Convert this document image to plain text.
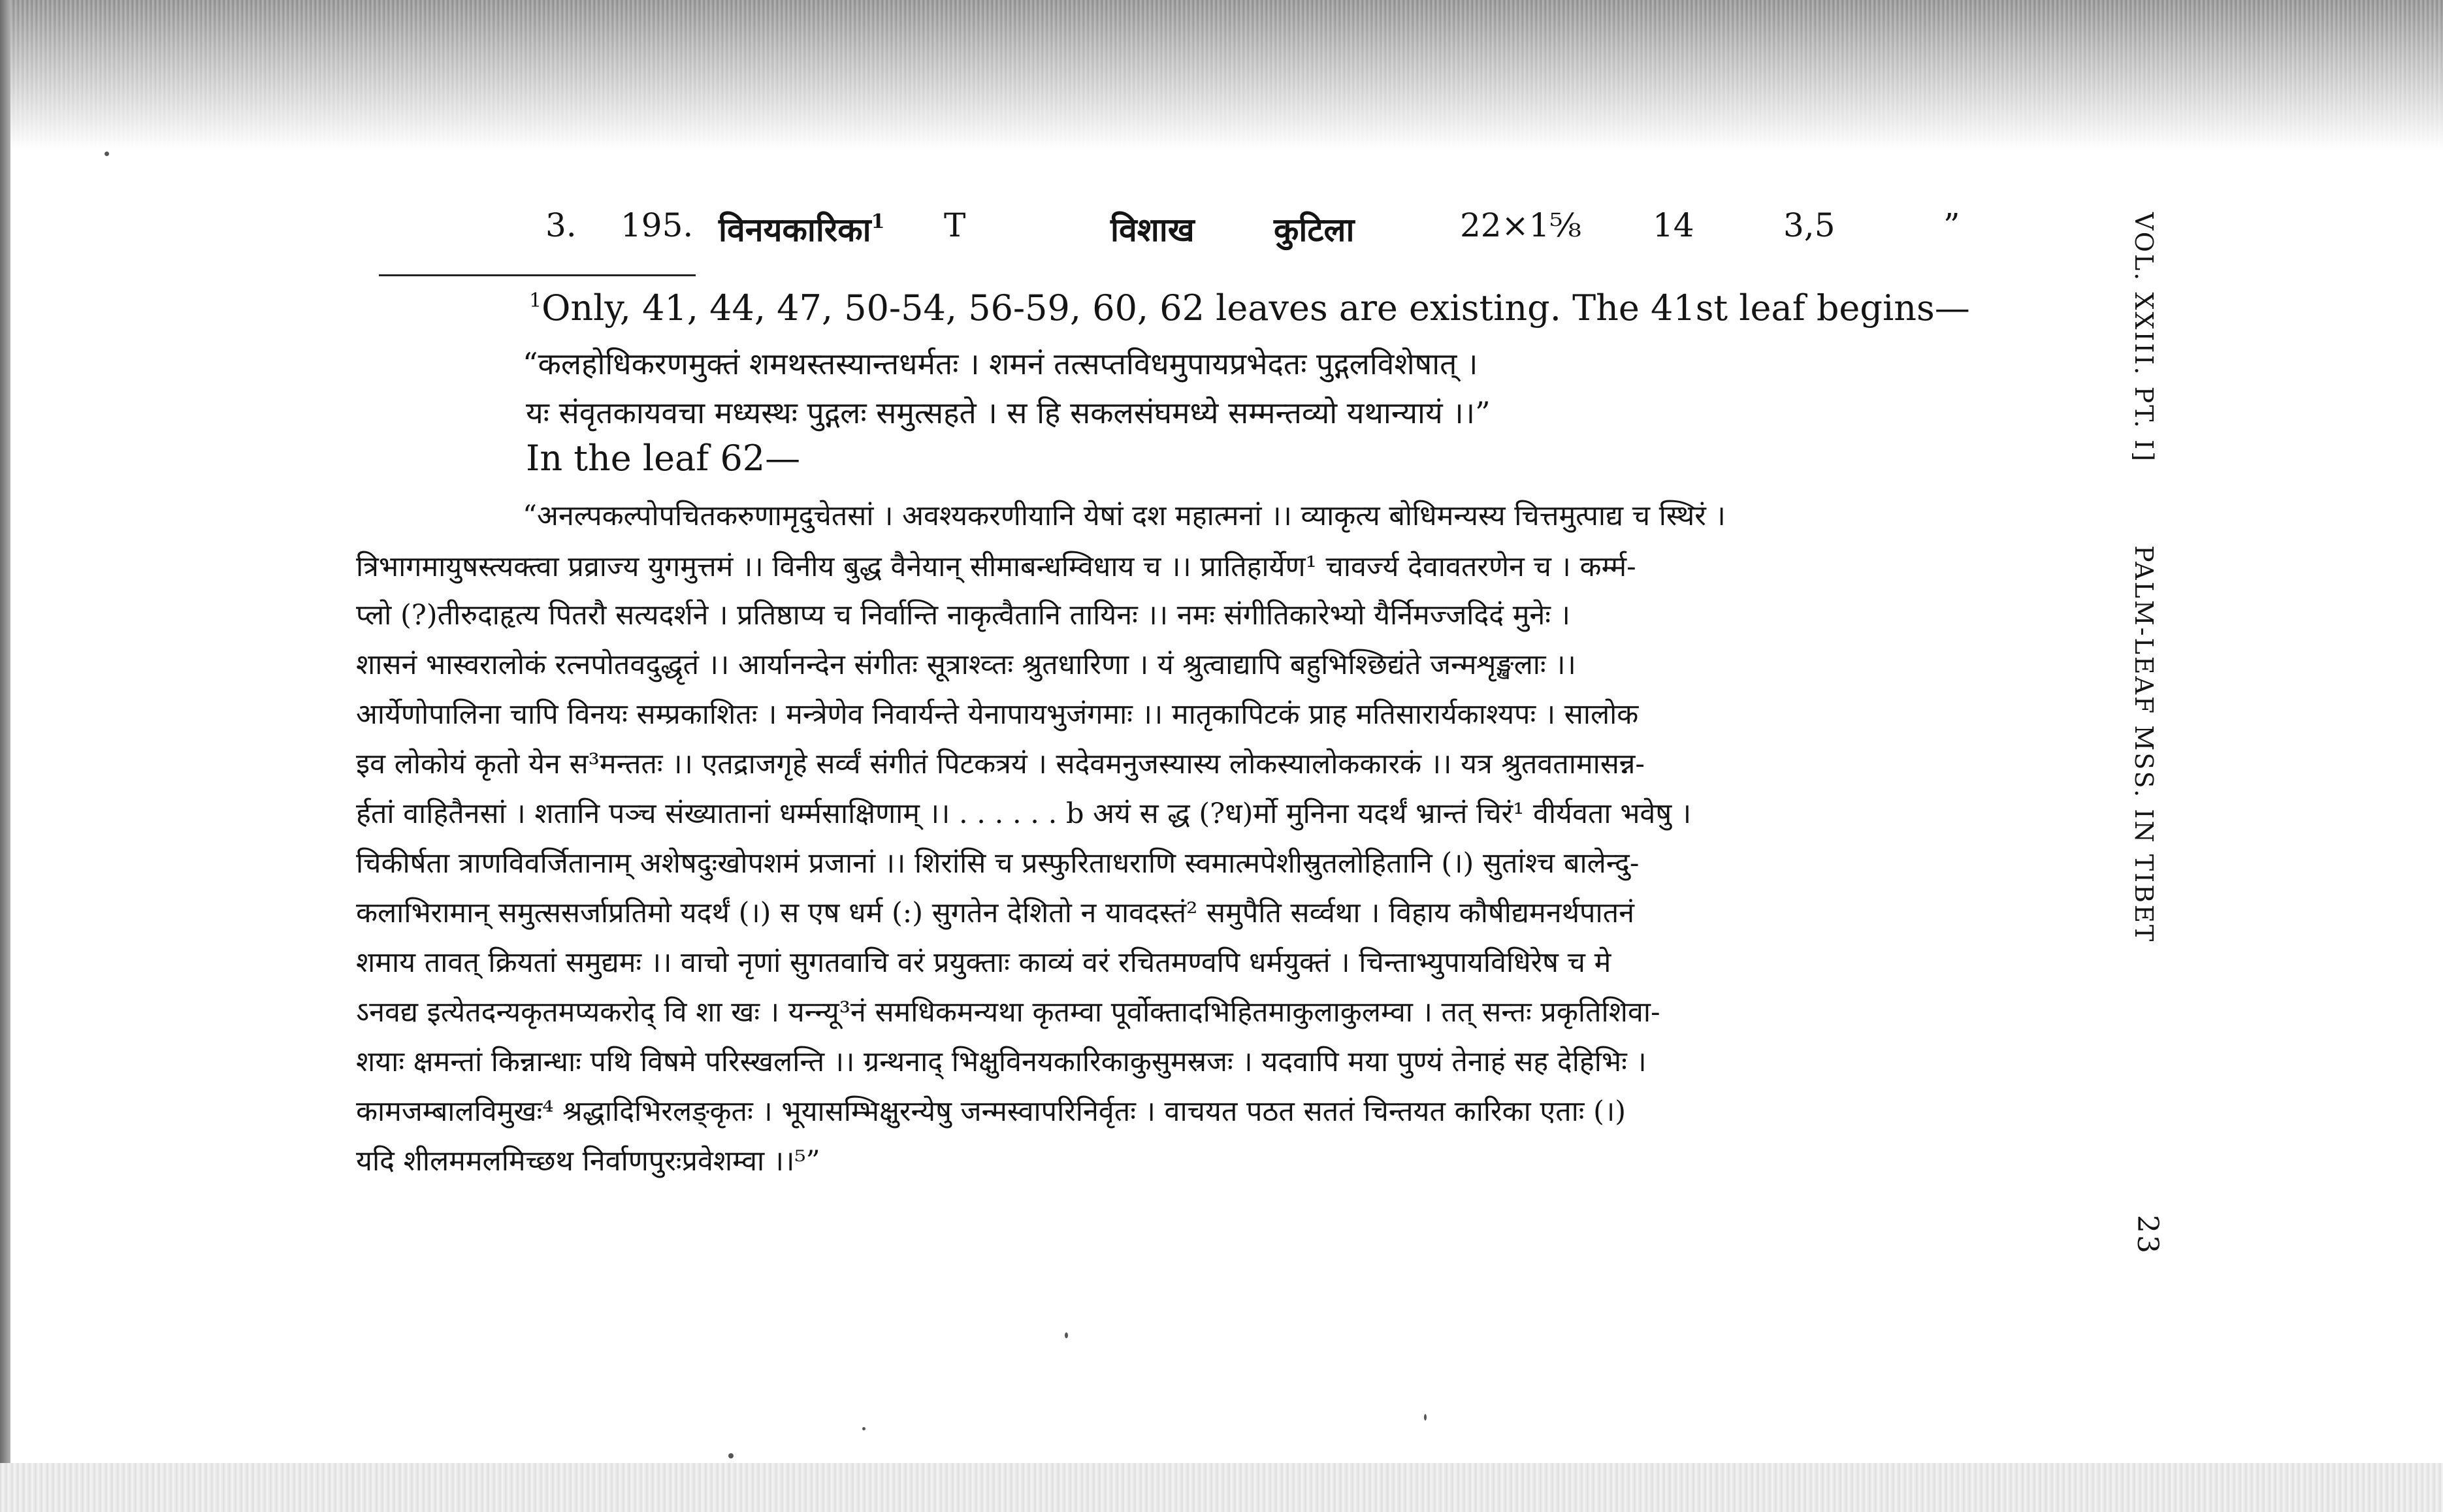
3. 195. विनयकारिका$^1$ T	विशाख कुटिला	22×1⅝ 14	3,5	”
$^1$Only, 41, 44, 47, 50-54, 56-59, 60, 62 leaves are existing. The 41st leaf begins—
“कलहोधिकरणमुक्तं शमथस्तस्यान्तधर्मतः । शमनं तत्सप्तविधमुपायप्रभेदतः पुद्गलविशेषात् ।
यः संवृतकायवचा मध्यस्थः पुद्गलः समुत्सहते । स हि सकलसंघमध्ये सम्मन्तव्यो यथान्यायं ।।”
In the leaf 62—
“अनल्पकल्पोपचितकरुणामृदुचेतसां । अवश्यकरणीयानि येषां दश महात्मनां ।। व्याकृत्य बोधिमन्यस्य चित्तमुत्पाद्य च स्थिरं ।
त्रिभागमायुषस्त्यक्त्वा प्रव्राज्य युगमुत्तमं ।। विनीय बुद्ध वैनेयान् सीमाबन्धम्विधाय च ।। प्रातिहार्येण¹ चावर्ज्य देवावतरणेन च । कर्म्म-
प्लो (?)तीरुदाहृत्य पितरौ सत्यदर्शने । प्रतिष्ठाप्य च निर्वान्ति नाकृत्वैतानि तायिनः ।। नमः संगीतिकारेभ्यो यैर्निमज्जदिदं मुनेः ।
शासनं भास्वरालोकं रत्नपोतवदुद्धृतं ।। आर्यानन्देन संगीतः सूत्राश्व्तः श्रुतधारिणा । यं श्रुत्वाद्यापि बहुभिश्छिद्यंते जन्मशृङ्खलाः ।।
आर्येणोपालिना चापि विनयः सम्प्रकाशितः । मन्त्रेणेव निवार्यन्ते येनापायभुजंगमाः ।। मातृकापिटकं प्राह मतिसारार्यकाश्यपः । सालोक
इव लोकोयं कृतो येन स³मन्ततः ।। एतद्राजगृहे सर्व्वं संगीतं पिटकत्रयं । सदेवमनुजस्यास्य लोकस्यालोककारकं ।। यत्र श्रुतवतामासन्न-
र्हतां वाहितैनसां । शतानि पञ्च संख्यातानां धर्म्मसाक्षिणाम् ।। . . . . . . b अयं स द्ध (?ध)र्मो मुनिना यदर्थं भ्रान्तं चिरं¹ वीर्यवता भवेषु ।
चिकीर्षता त्राणविवर्जितानाम् अशेषदुःखोपशमं प्रजानां ।। शिरांसि च प्रस्फुरिताधराणि स्वमात्मपेशीस्रुतलोहितानि (।) सुतांश्च बालेन्दु-
कलाभिरामान् समुत्ससर्जाप्रतिमो यदर्थं (।) स एष धर्म (:) सुगतेन देशितो न यावदस्तं² समुपैति सर्व्वथा । विहाय कौषीद्यमनर्थपातनं
शमाय तावत् क्रियतां समुद्यमः ।। वाचो नृणां सुगतवाचि वरं प्रयुक्ताः काव्यं वरं रचितमण्वपि धर्मयुक्तं । चिन्ताभ्युपायविधिरेष च मे
ऽनवद्य इत्येतदन्यकृतमप्यकरोद् वि शा खः । यन्न्यू³नं समधिकमन्यथा कृतम्वा पूर्वोक्तादभिहितमाकुलाकुलम्वा । तत् सन्तः प्रकृतिशिवा-
शयाः क्षमन्तां किन्नान्धाः पथि विषमे परिस्खलन्ति ।। ग्रन्थनाद् भिक्षुविनयकारिकाकुसुमस्रजः । यदवापि मया पुण्यं तेनाहं सह देहिभिः ।
कामजम्बालविमुखः⁴ श्रद्धादिभिरलङ्कृतः । भूयासम्भिक्षुरन्येषु जन्मस्वापरिनिर्वृतः । वाचयत पठत सततं चिन्तयत कारिका एताः (।)
यदि शीलममलमिच्छथ निर्वाणपुरःप्रवेशम्वा ।।⁵”
VOL. XXIII. PT. I]
PALM-LEAF MSS. IN TIBET
23
